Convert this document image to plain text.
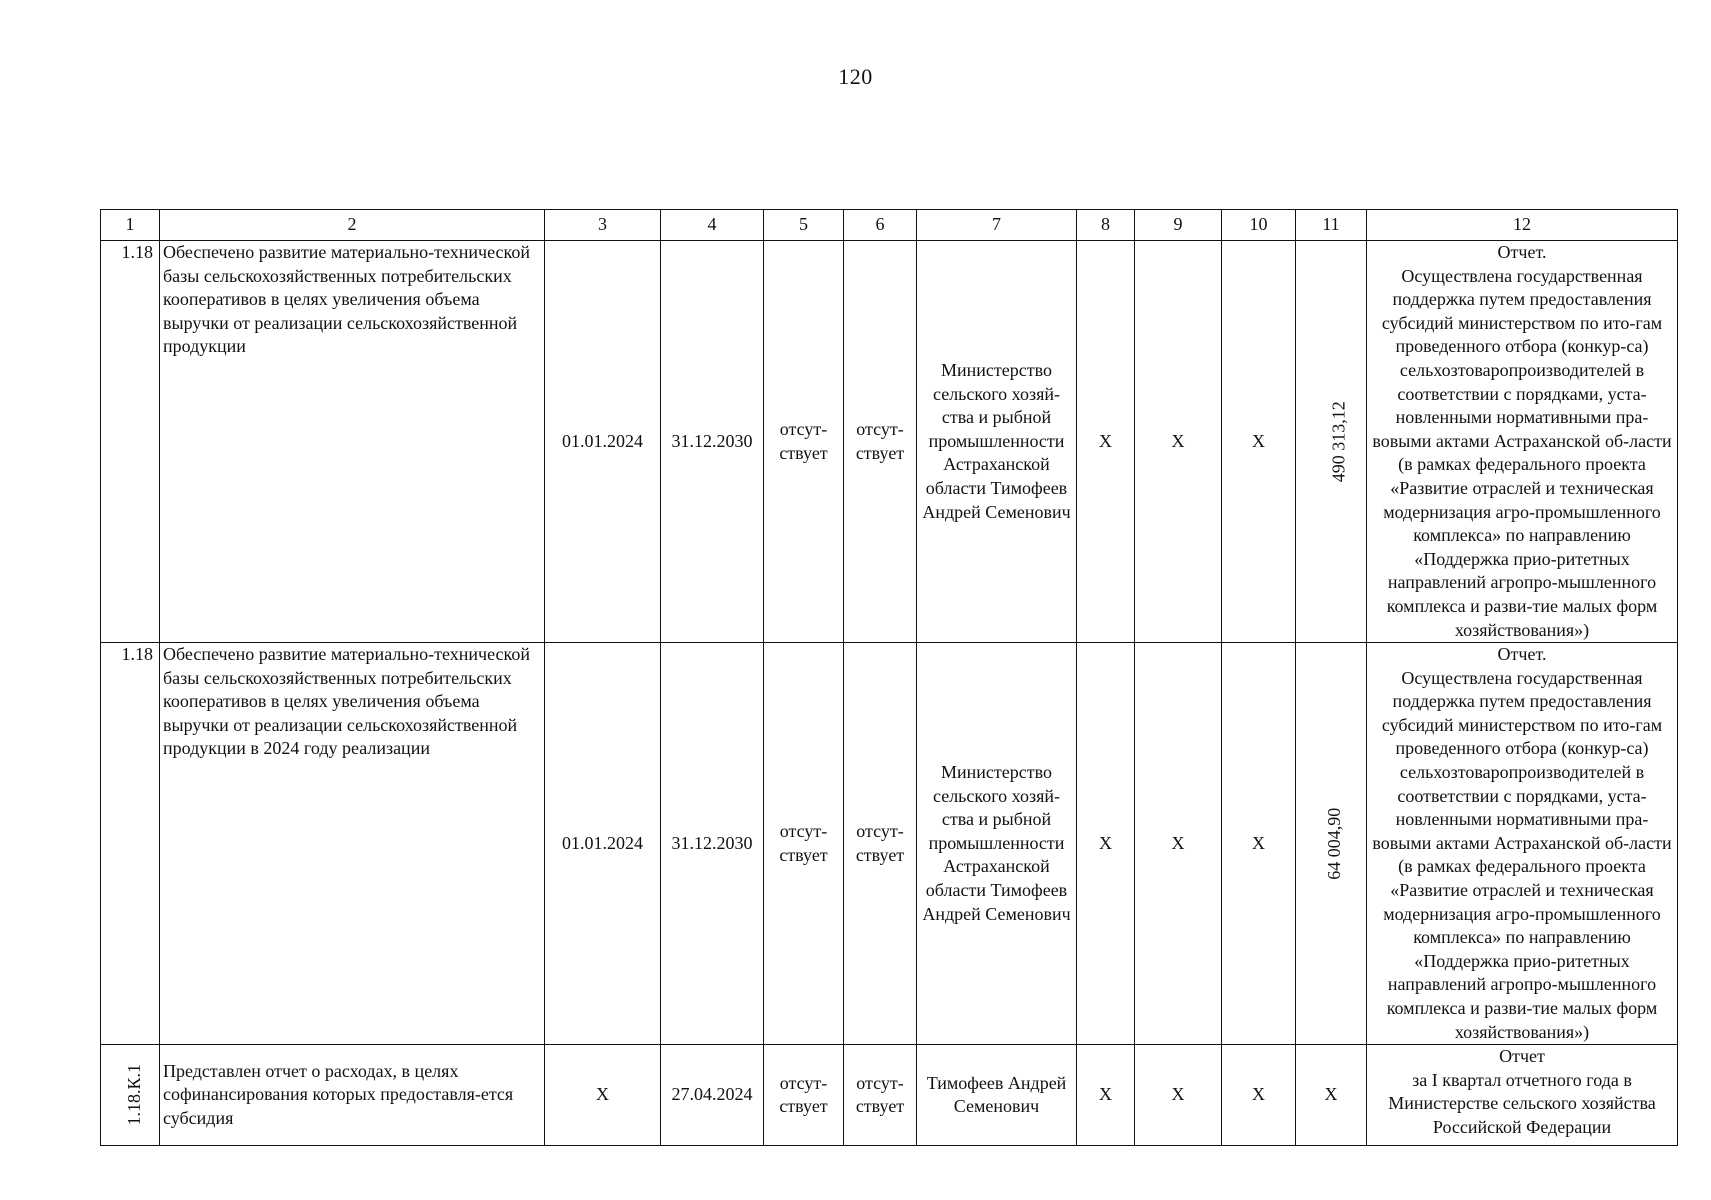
120
1	2	3	4	5	6	7	8	9	10	11	12
1.18	Обеспечено развитие материально-технической базы сельскохозяйственных потребительских кооперативов в целях увеличения объема выручки от реализации сельскохозяйственной продукции	01.01.2024	31.12.2030	отсут-ствует	отсут-ствует	Министерство сельского хозяй-ства и рыбной промышленности Астраханской области Тимофеев Андрей Семенович	X	X	X	490 313,12	Отчет.
Осуществлена государственная поддержка путем предоставления субсидий министерством по ито-гам проведенного отбора (конкур-са) сельхозтоваропроизводителей в соответствии с порядками, уста-новленными нормативными пра-вовыми актами Астраханской об-ласти (в рамках федерального проекта «Развитие отраслей и техническая модернизация агро-промышленного комплекса» по направлению «Поддержка прио-ритетных направлений агропро-мышленного комплекса и разви-тие малых форм хозяйствования»)
1.18	Обеспечено развитие материально-технической базы сельскохозяйственных потребительских кооперативов в целях увеличения объема выручки от реализации сельскохозяйственной продукции в 2024 году реализации	01.01.2024	31.12.2030	отсут-ствует	отсут-ствует	Министерство сельского хозяй-ства и рыбной промышленности Астраханской области Тимофеев Андрей Семенович	X	X	X	64 004,90	Отчет.
Осуществлена государственная поддержка путем предоставления субсидий министерством по ито-гам проведенного отбора (конкур-са) сельхозтоваропроизводителей в соответствии с порядками, уста-новленными нормативными пра-вовыми актами Астраханской об-ласти (в рамках федерального проекта «Развитие отраслей и техническая модернизация агро-промышленного комплекса» по направлению «Поддержка прио-ритетных направлений агропро-мышленного комплекса и разви-тие малых форм хозяйствования»)
1.18.К.1	Представлен отчет о расходах, в целях софинансирования которых предоставля-ется субсидия	X	27.04.2024	отсут-ствует	отсут-ствует	Тимофеев Андрей Семенович	X	X	X	X	Отчет
за I квартал отчетного года в Министерстве сельского хозяйства Российской Федерации
